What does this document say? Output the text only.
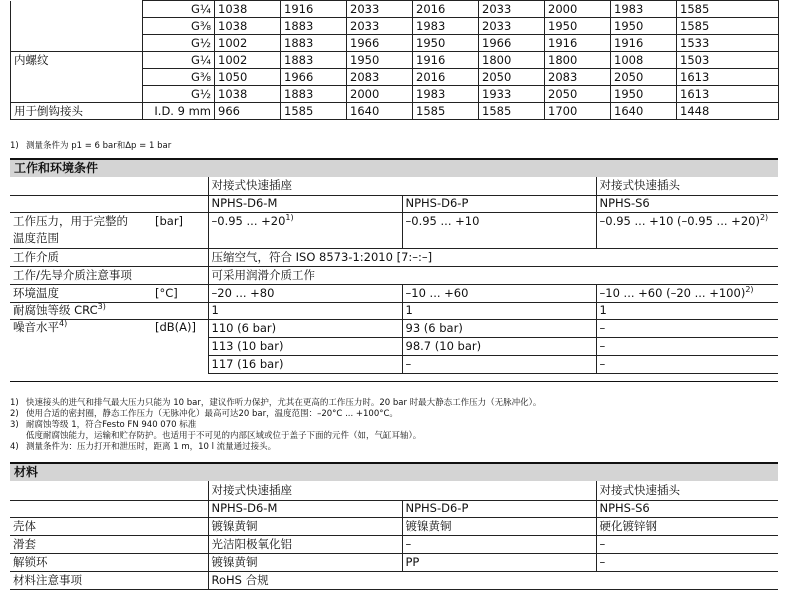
	G¼	1038	1916	2033	2016	2033	2000	1983	1585
	G⅜	1038	1883	2033	1983	2033	1950	1950	1585
	G½	1002	1883	1966	1950	1966	1916	1916	1533
内螺纹	G¼	1002	1883	1950	1916	1800	1800	1008	1503
	G⅜	1050	1966	2083	2016	2050	2083	2050	1613
	G½	1038	1883	2000	1983	1933	2050	1950	1613
用于倒钩接头	I.D. 9 mm	966	1585	1640	1585	1585	1700	1640	1448
1) 测量条件为 p1 = 6 bar和Δp = 1 bar
工作和环境条件
		对接式快速插座		对接式快速插头
		NPHS-D6-M	NPHS-D6-P	NPHS-S6

工作压力，用于完整的
温度范围	[bar]	–0.95 ... $+20^{1)}$	–0.95 ... +10	–0.95 ... +10 (–0.95 ... +20)$^{2)}$
工作介质		压缩空气，符合 ISO 8573-1:2010 [7:–:–]		
工作/先导介质注意事项		可采用润滑介质工作		
环境温度	[°C]	–20 ... +80	–10 ... +60	–10 ... +60 (–20 ... +100)$^{2)}$
耐腐蚀等级 CRC$^{3)}$		1	1	1
噪音水平$^{4)}$	[dB(A)]	110 (6 bar)	93 (6 bar)	–
		113 (10 bar)	98.7 (10 bar)	–
		117 (16 bar)	–	–
1) 快速接头的进气和排气最大压力只能为 10 bar，建议作听力保护，尤其在更高的工作压力时。20 bar 时最大静态工作压力（无脉冲化）。
2) 使用合适的密封圈，静态工作压力（无脉冲化）最高可达20 bar，温度范围：–20°C ... +100°C。
3) 耐腐蚀等级 1，符合Festo FN 940 070 标准
低度耐腐蚀能力，运输和贮存防护。也适用于不可见的内部区域或位于盖子下面的元件（如，气缸耳轴）。
4) 测量条件为：压力打开和泄压时，距离 1 m，10 l 流量通过接头。
材料
	对接式快速插座		对接式快速插头
	NPHS-D6-M	NPHS-D6-P	NPHS-S6
壳体	镀镍黄铜	镀镍黄铜	硬化镀锌钢
滑套	光洁阳极氧化铝	–	–
解锁环	镀镍黄铜	PP	–
材料注意事项	RoHS 合规		
